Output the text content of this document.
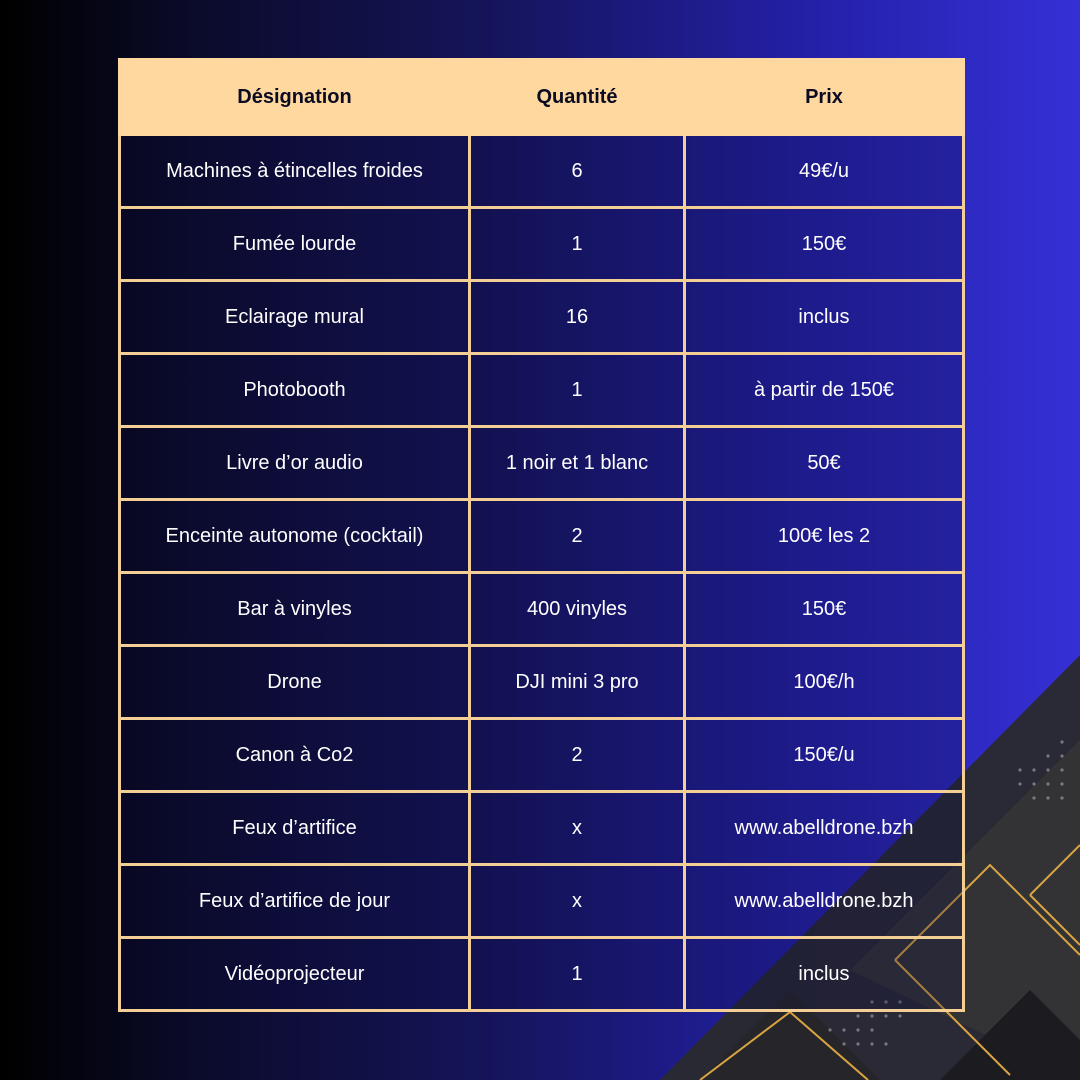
Désignation	Quantité	Prix
Machines à étincelles froides	6	49€/u
Fumée lourde	1	150€
Eclairage mural	16	inclus
Photobooth	1	à partir de 150€
Livre d’or audio	1 noir et 1 blanc	50€
Enceinte autonome (cocktail)	2	100€ les 2
Bar à vinyles	400 vinyles	150€
Drone	DJI mini 3 pro	100€/h
Canon à Co2	2	150€/u
Feux d’artifice	x	www.abelldrone.bzh
Feux d’artifice de jour	x	www.abelldrone.bzh
Vidéoprojecteur	1	inclus
